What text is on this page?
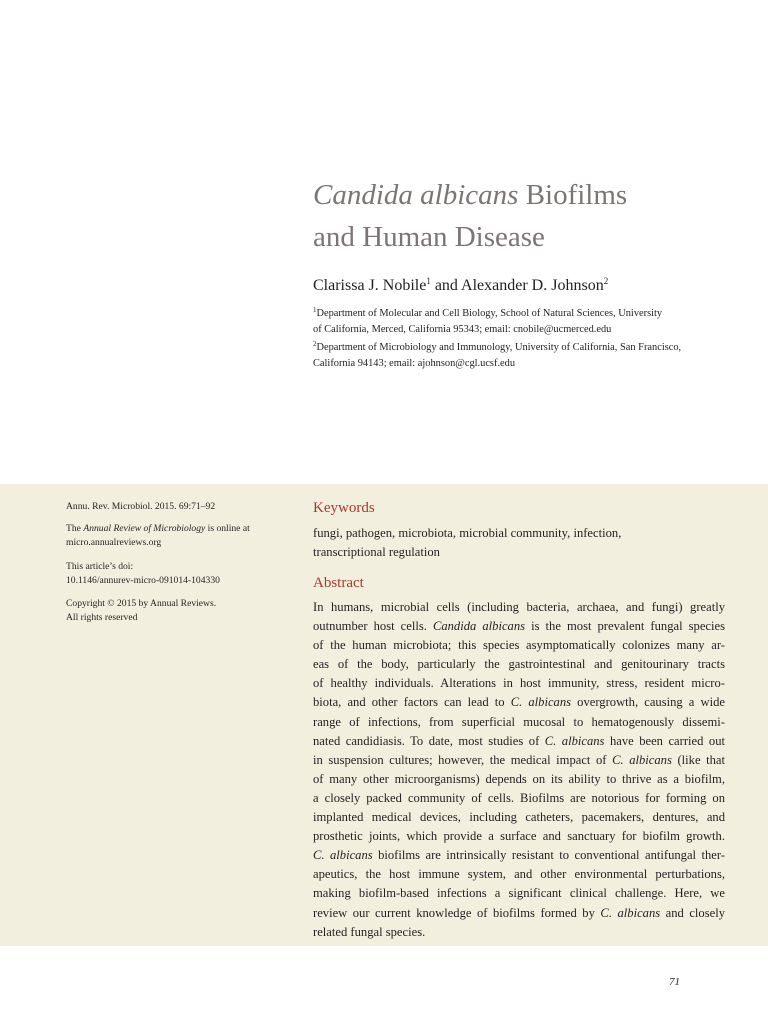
Candida albicans Biofilms
and Human Disease
Clarissa J. Nobile$^1$ and Alexander D. Johnson$^2$
$^1$Department of Molecular and Cell Biology, School of Natural Sciences, University
of California, Merced, California 95343; email: cnobile@ucmerced.edu
$^2$Department of Microbiology and Immunology, University of California, San Francisco,
California 94143; email: ajohnson@cgl.ucsf.edu
Annu. Rev. Microbiol. 2015. 69:71–92
The Annual Review of Microbiology is online at
micro.annualreviews.org
This article’s doi:
10.1146/annurev-micro-091014-104330
Copyright © 2015 by Annual Reviews.
All rights reserved
Keywords
fungi, pathogen, microbiota, microbial community, infection,
transcriptional regulation
Abstract
In humans, microbial cells (including bacteria, archaea, and fungi) greatly
outnumber host cells. Candida albicans is the most prevalent fungal species
of the human microbiota; this species asymptomatically colonizes many ar-
eas of the body, particularly the gastrointestinal and genitourinary tracts
of healthy individuals. Alterations in host immunity, stress, resident micro-
biota, and other factors can lead to C. albicans overgrowth, causing a wide
range of infections, from superficial mucosal to hematogenously dissemi-
nated candidiasis. To date, most studies of C. albicans have been carried out
in suspension cultures; however, the medical impact of C. albicans (like that
of many other microorganisms) depends on its ability to thrive as a biofilm,
a closely packed community of cells. Biofilms are notorious for forming on
implanted medical devices, including catheters, pacemakers, dentures, and
prosthetic joints, which provide a surface and sanctuary for biofilm growth.
C. albicans biofilms are intrinsically resistant to conventional antifungal ther-
apeutics, the host immune system, and other environmental perturbations,
making biofilm-based infections a significant clinical challenge. Here, we
review our current knowledge of biofilms formed by C. albicans and closely
related fungal species.
71
